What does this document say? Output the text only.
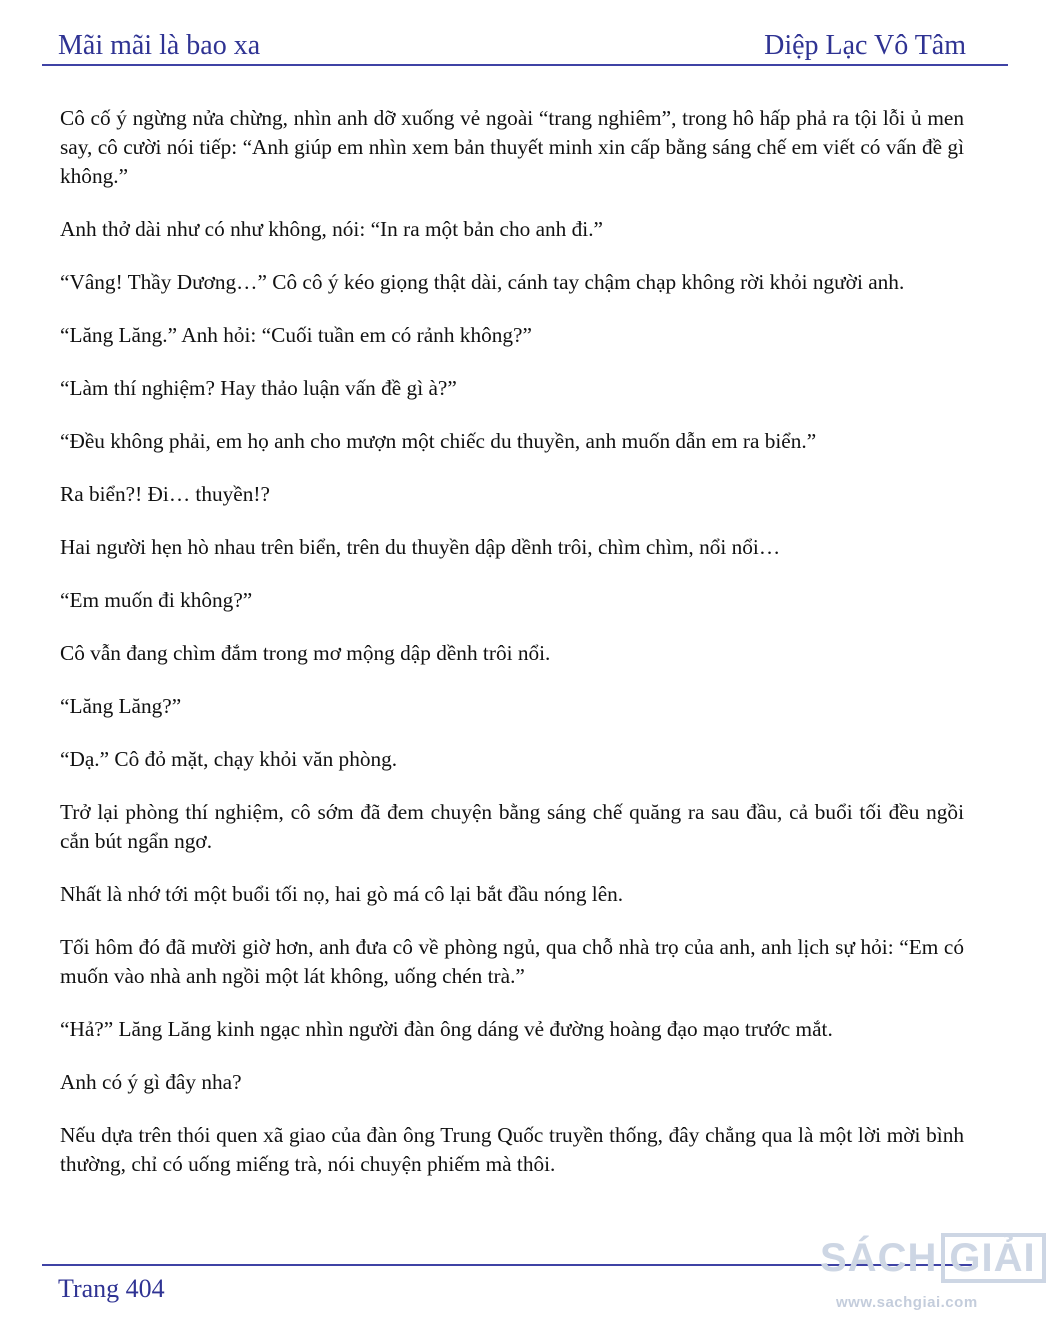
Mãi mãi là bao xa	Diệp Lạc Vô Tâm

Cô cố ý ngừng nửa chừng, nhìn anh dỡ xuống vẻ ngoài “trang nghiêm”, trong hô hấp phả ra tội lỗi ủ men say, cô cười nói tiếp: “Anh giúp em nhìn xem bản thuyết minh xin cấp bằng sáng chế em viết có vấn đề gì không.”

Anh thở dài như có như không, nói: “In ra một bản cho anh đi.”

“Vâng! Thầy Dương…” Cô cô ý kéo giọng thật dài, cánh tay chậm chạp không rời khỏi người anh.

“Lăng Lăng.” Anh hỏi: “Cuối tuần em có rảnh không?”

“Làm thí nghiệm? Hay thảo luận vấn đề gì à?”

“Đều không phải, em họ anh cho mượn một chiếc du thuyền, anh muốn dẫn em ra biển.”

Ra biển?! Đi… thuyền!?

Hai người hẹn hò nhau trên biển, trên du thuyền dập dềnh trôi, chìm chìm, nổi nổi…

“Em muốn đi không?”

Cô vẫn đang chìm đắm trong mơ mộng dập dềnh trôi nổi.

“Lăng Lăng?”

“Dạ.” Cô đỏ mặt, chạy khỏi văn phòng.

Trở lại phòng thí nghiệm, cô sớm đã đem chuyện bằng sáng chế quăng ra sau đầu, cả buổi tối đều ngồi cắn bút ngẩn ngơ.

Nhất là nhớ tới một buổi tối nọ, hai gò má cô lại bắt đầu nóng lên.

Tối hôm đó đã mười giờ hơn, anh đưa cô về phòng ngủ, qua chỗ nhà trọ của anh, anh lịch sự hỏi: “Em có muốn vào nhà anh ngồi một lát không, uống chén trà.”

“Hả?” Lăng Lăng kinh ngạc nhìn người đàn ông dáng vẻ đường hoàng đạo mạo trước mắt.

Anh có ý gì đây nha?

Nếu dựa trên thói quen xã giao của đàn ông Trung Quốc truyền thống, đây chẳng qua là một lời mời bình thường, chỉ có uống miếng trà, nói chuyện phiếm mà thôi.

Trang 404
SÁCH GIẢI
www.sachgiai.com
